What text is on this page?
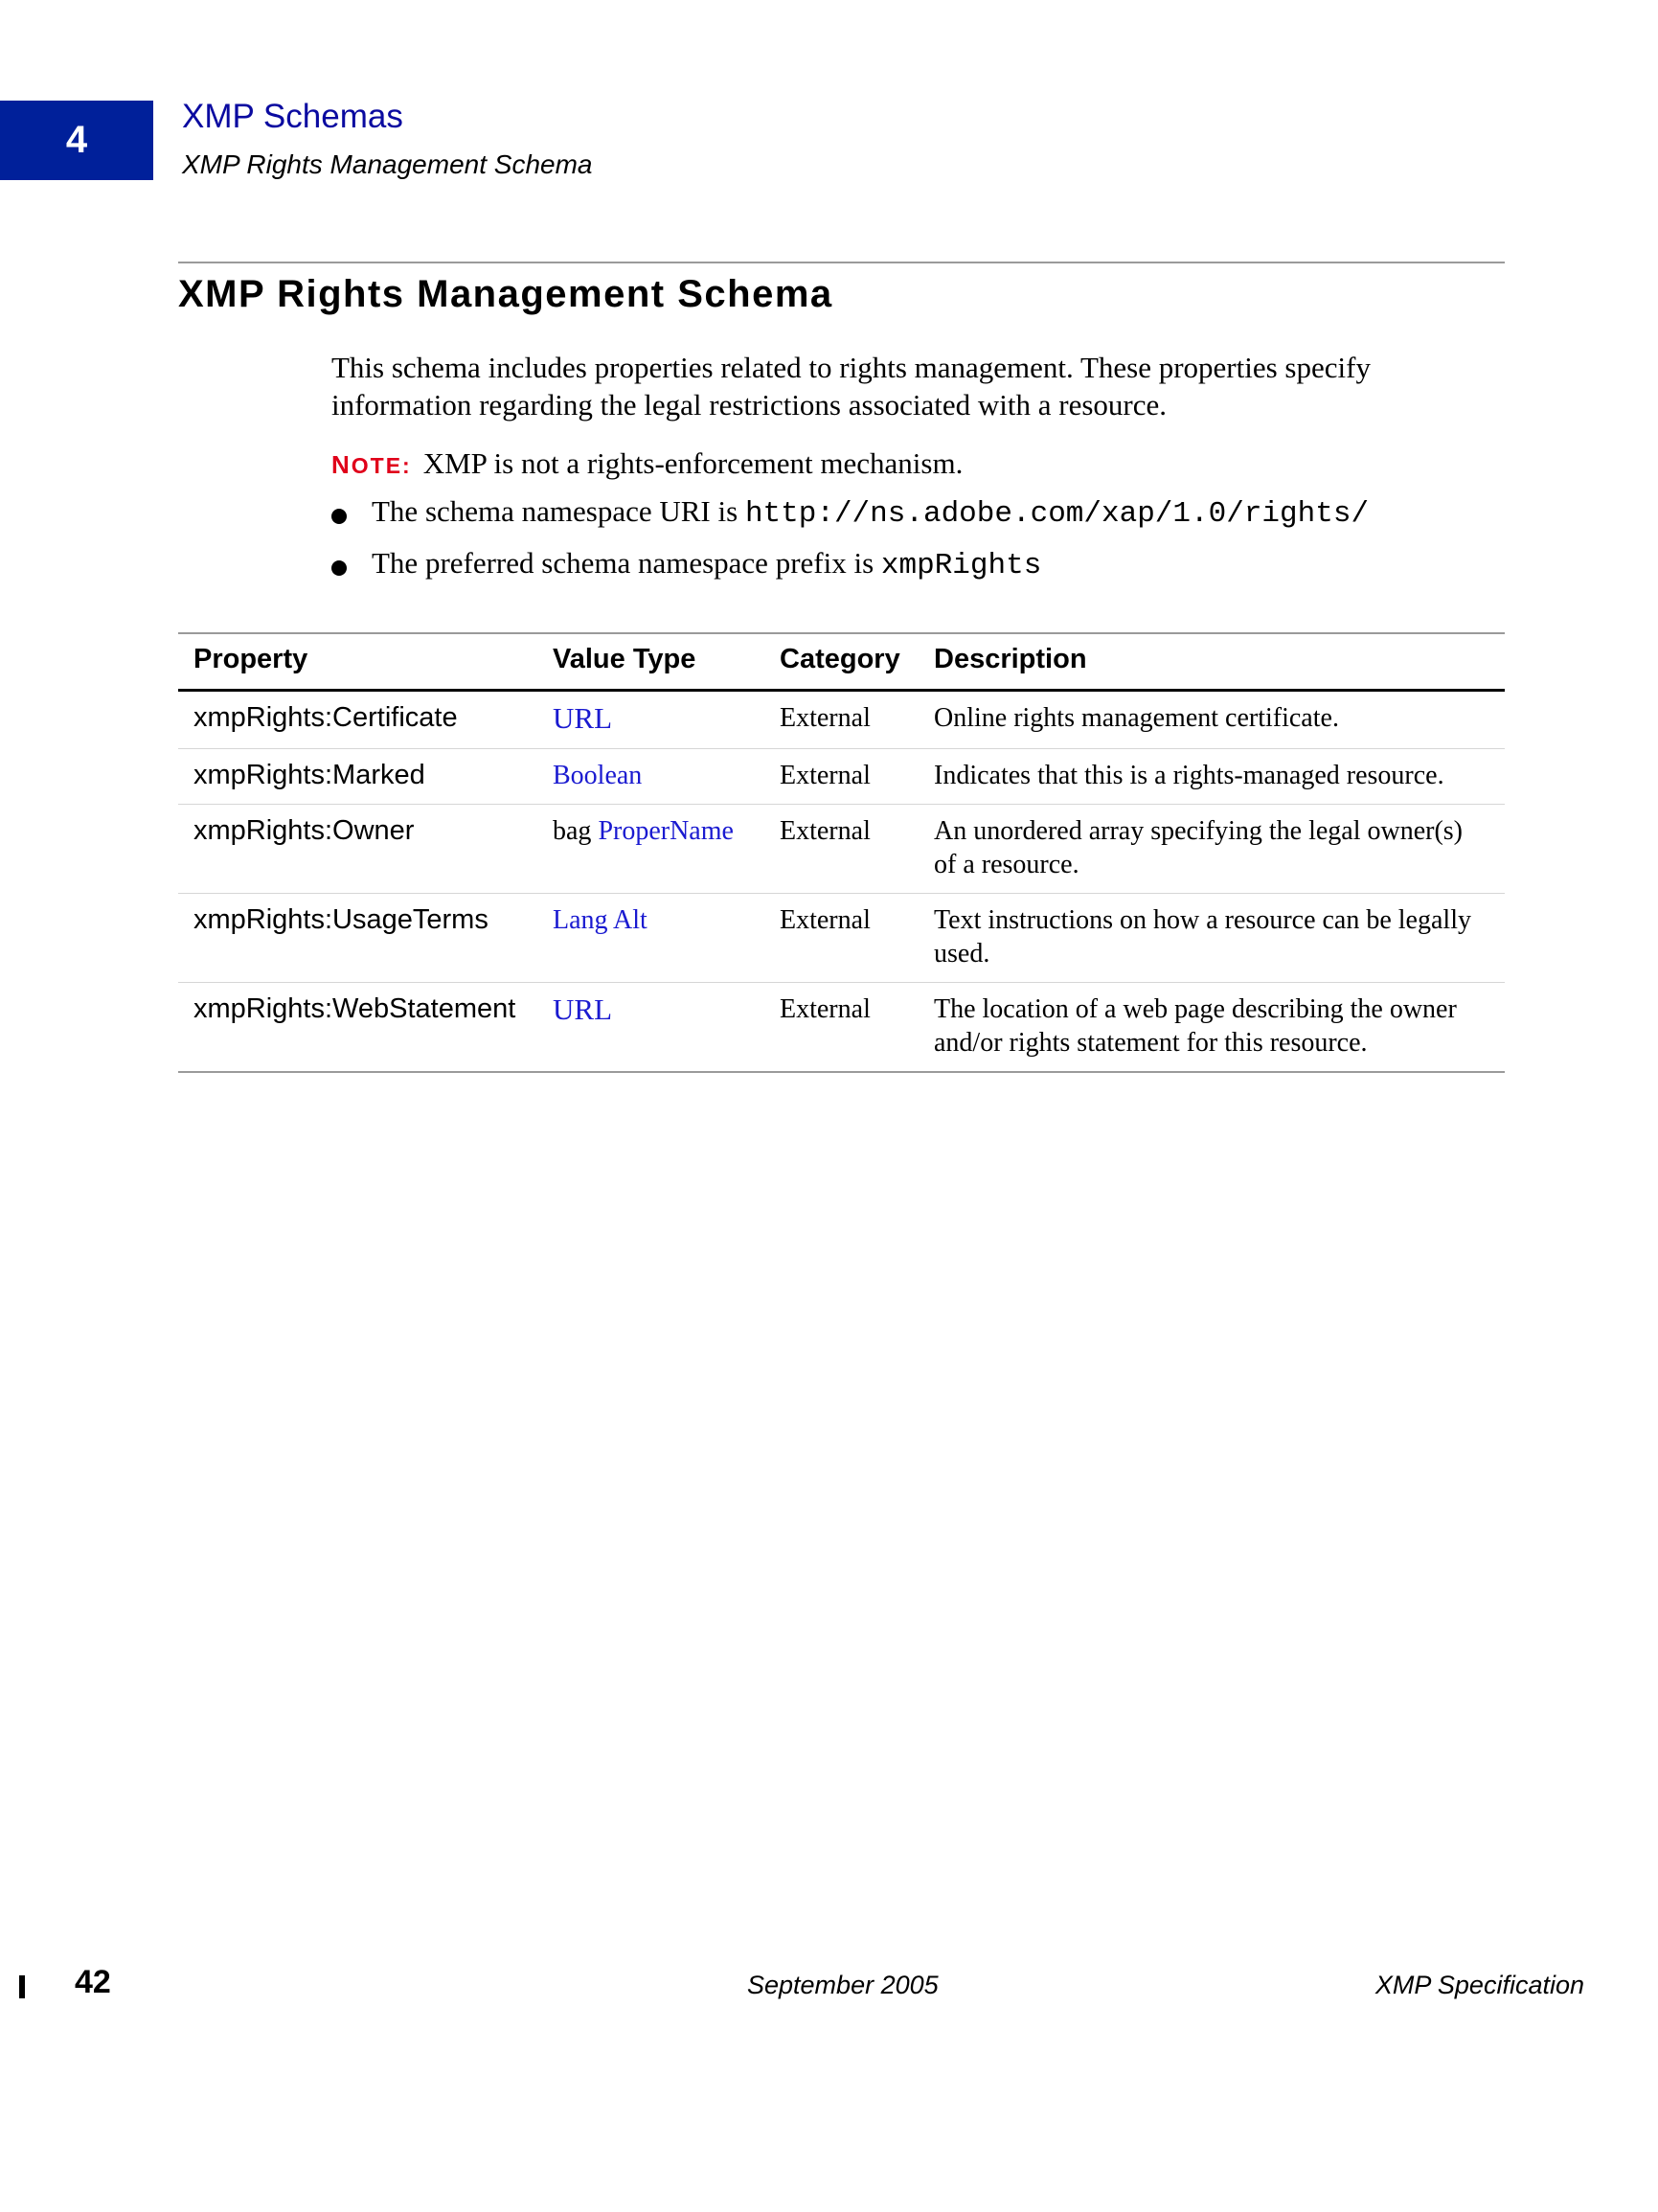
4
XMP Schemas
XMP Rights Management Schema
XMP Rights Management Schema

This schema includes properties related to rights management. These properties specify information regarding the legal restrictions associated with a resource.

NOTE: XMP is not a rights-enforcement mechanism.
The schema namespace URI is http://ns.adobe.com/xap/1.0/rights/
The preferred schema namespace prefix is xmpRights
Property	Value Type	Category	Description
xmpRights:Certificate	URL	External	Online rights management certificate.
xmpRights:Marked	Boolean	External	Indicates that this is a rights-managed resource.
xmpRights:Owner	bag ProperName	External	An unordered array specifying the legal owner(s) of a resource.
xmpRights:UsageTerms	Lang Alt	External	Text instructions on how a resource can be legally used.
xmpRights:WebStatement	URL	External	The location of a web page describing the owner and/or rights statement for this resource.
42	September 2005	XMP Specification
